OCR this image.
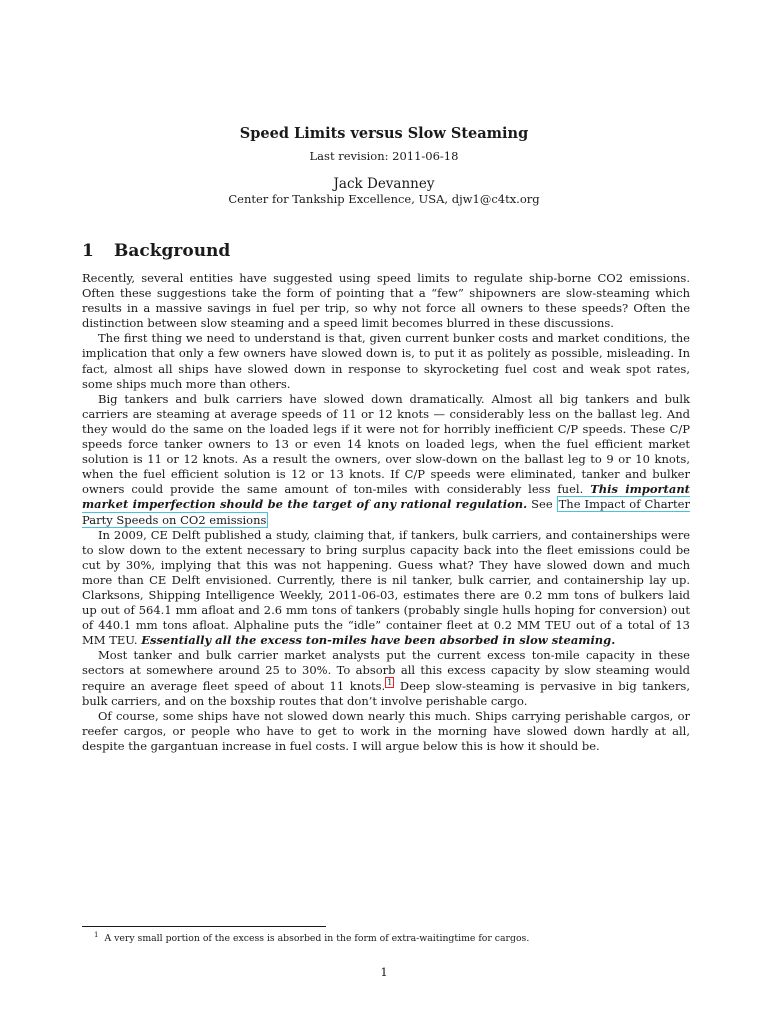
Speed Limits versus Slow Steaming
Last revision: 2011-06-18
Jack Devanney
Center for Tankship Excellence, USA, djw1@c4tx.org
1 Background

Recently, several entities have suggested using speed limits to regulate ship-borne CO2 emissions. Often these suggestions take the form of pointing that a “few” shipowners are slow-steaming which results in a massive savings in fuel per trip, so why not force all owners to these speeds? Often the distinction between slow steaming and a speed limit becomes blurred in these discussions.

The first thing we need to understand is that, given current bunker costs and market conditions, the implication that only a few owners have slowed down is, to put it as politely as possible, misleading. In fact, almost all ships have slowed down in response to skyrocketing fuel cost and weak spot rates, some ships much more than others.

Big tankers and bulk carriers have slowed down dramatically. Almost all big tankers and bulk carriers are steaming at average speeds of 11 or 12 knots — considerably less on the ballast leg. And they would do the same on the loaded legs if it were not for horribly inefficient C/P speeds. These C/P speeds force tanker owners to 13 or even 14 knots on loaded legs, when the fuel efficient market solution is 11 or 12 knots. As a result the owners, over slow-down on the ballast leg to 9 or 10 knots, when the fuel efficient solution is 12 or 13 knots. If C/P speeds were eliminated, tanker and bulker owners could provide the same amount of ton-miles with considerably less fuel. This important market imperfection should be the target of any rational regulation. See The Impact of Charter Party Speeds on CO2 emissions

In 2009, CE Delft published a study, claiming that, if tankers, bulk carriers, and containerships were to slow down to the extent necessary to bring surplus capacity back into the fleet emissions could be cut by 30%, implying that this was not happening. Guess what? They have slowed down and much more than CE Delft envisioned. Currently, there is nil tanker, bulk carrier, and containership lay up. Clarksons, Shipping Intelligence Weekly, 2011-06-03, estimates there are 0.2 mm tons of bulkers laid up out of 564.1 mm afloat and 2.6 mm tons of tankers (probably single hulls hoping for conversion) out of 440.1 mm tons afloat. Alphaline puts the “idle” container fleet at 0.2 MM TEU out of a total of 13 MM TEU. Essentially all the excess ton-miles have been absorbed in slow steaming.

Most tanker and bulk carrier market analysts put the current excess ton-mile capacity in these sectors at somewhere around 25 to 30%. To absorb all this excess capacity by slow steaming would require an average fleet speed of about 11 knots. $^1$ Deep slow-steaming is pervasive in big tankers, bulk carriers, and on the boxship routes that don’t involve perishable cargo.

Of course, some ships have not slowed down nearly this much. Ships carrying perishable cargos, or reefer cargos, or people who have to get to work in the morning have slowed down hardly at all, despite the gargantuan increase in fuel costs. I will argue below this is how it should be.

$^1$ A very small portion of the excess is absorbed in the form of extra-waitingtime for cargos.
1
